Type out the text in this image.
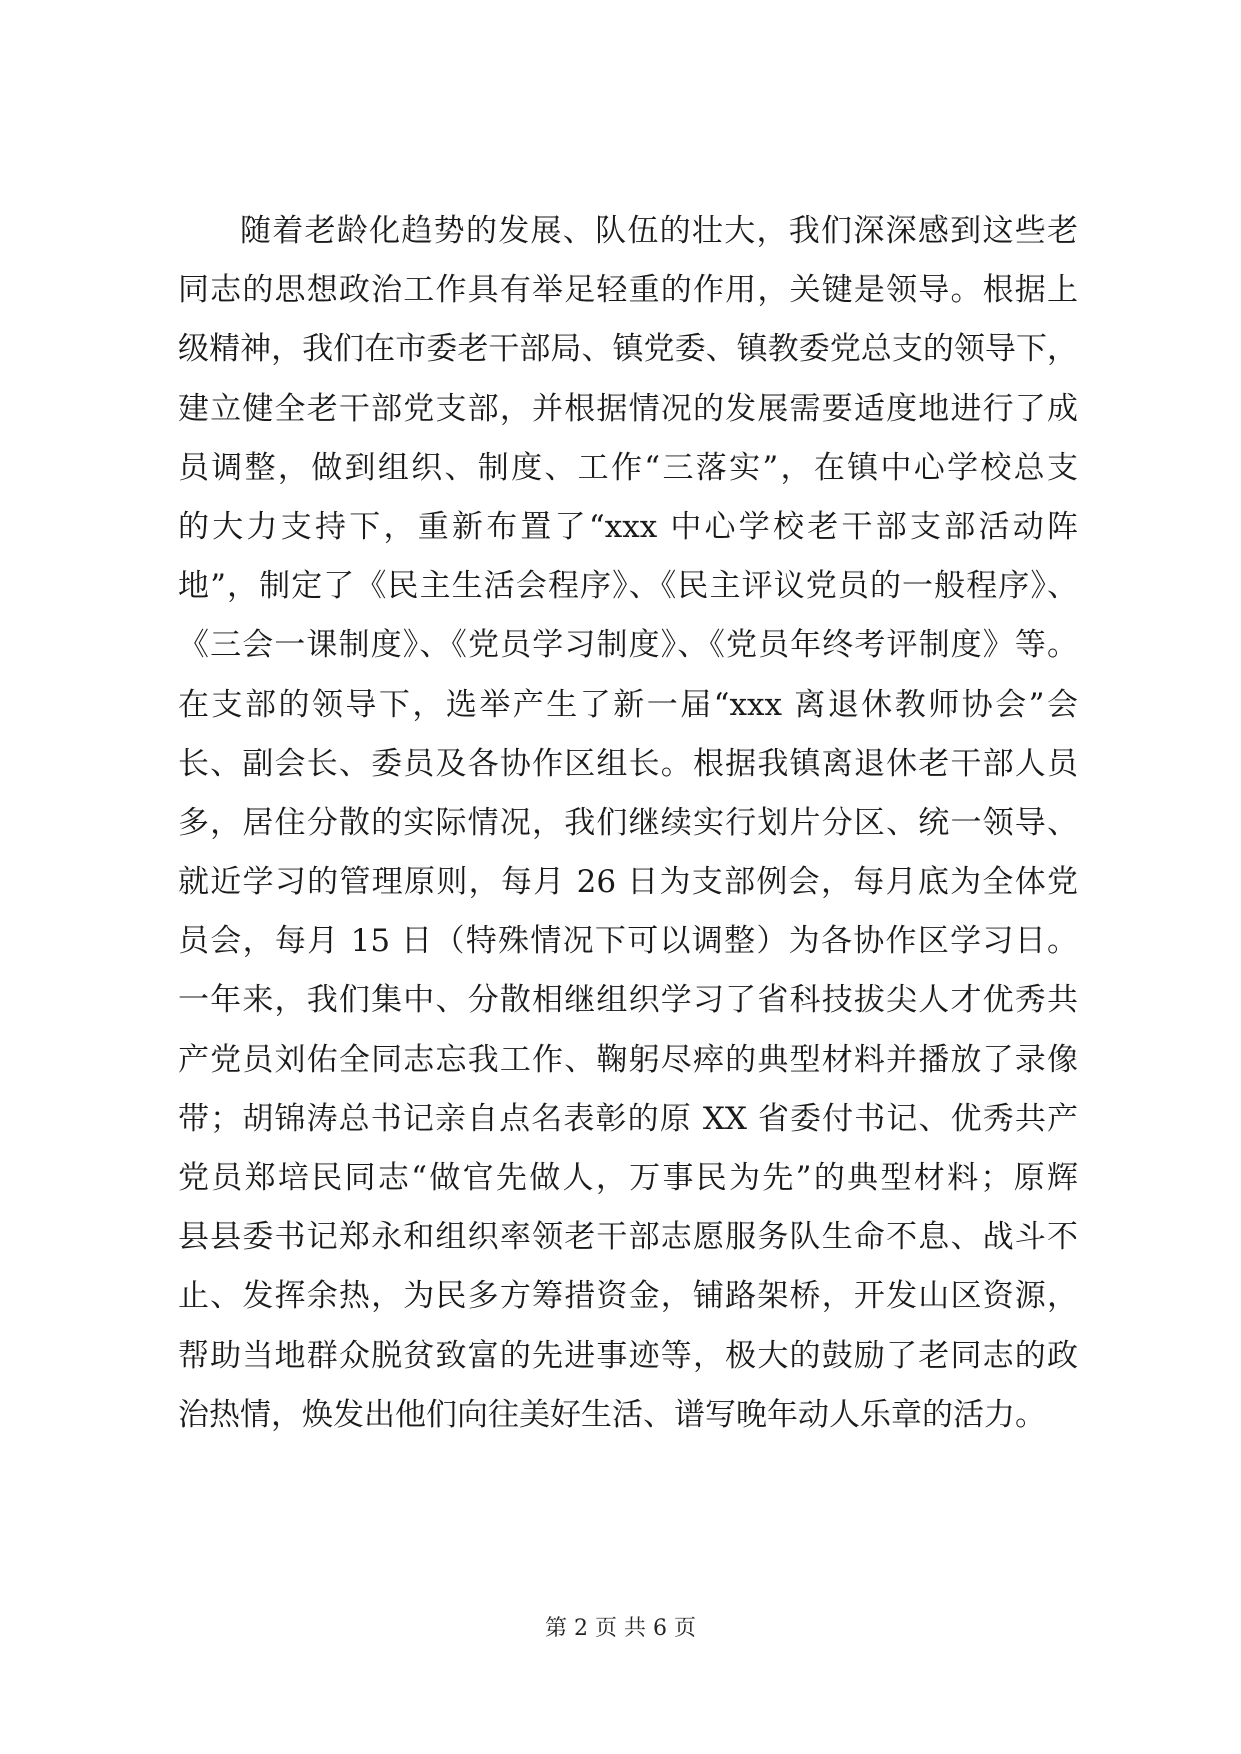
随着老龄化趋势的发展、队伍的壮大，我们深深感到这些老
同志的思想政治工作具有举足轻重的作用，关键是领导。根据上
级精神，我们在市委老干部局、镇党委、镇教委党总支的领导下，
建立健全老干部党支部，并根据情况的发展需要适度地进行了成
员调整，做到组织、制度、工作“三落实”，在镇中心学校总支
的大力支持下，重新布置了“xxx 中心学校老干部支部活动阵
地”，制定了《民主生活会程序》、《民主评议党员的一般程序》、
《三会一课制度》、《党员学习制度》、《党员年终考评制度》等。
在支部的领导下，选举产生了新一届“xxx 离退休教师协会”会
长、副会长、委员及各协作区组长。根据我镇离退休老干部人员
多，居住分散的实际情况，我们继续实行划片分区、统一领导、
就近学习的管理原则，每月 26 日为支部例会，每月底为全体党
员会，每月 15 日（特殊情况下可以调整）为各协作区学习日。
一年来，我们集中、分散相继组织学习了省科技拔尖人才优秀共
产党员刘佑全同志忘我工作、鞠躬尽瘁的典型材料并播放了录像
带；胡锦涛总书记亲自点名表彰的原 XX 省委付书记、优秀共产
党员郑培民同志“做官先做人，万事民为先”的典型材料；原辉
县县委书记郑永和组织率领老干部志愿服务队生命不息、战斗不
止、发挥余热，为民多方筹措资金，铺路架桥，开发山区资源，
帮助当地群众脱贫致富的先进事迹等，极大的鼓励了老同志的政
治热情，焕发出他们向往美好生活、谱写晚年动人乐章的活力。
第 2 页 共 6 页
